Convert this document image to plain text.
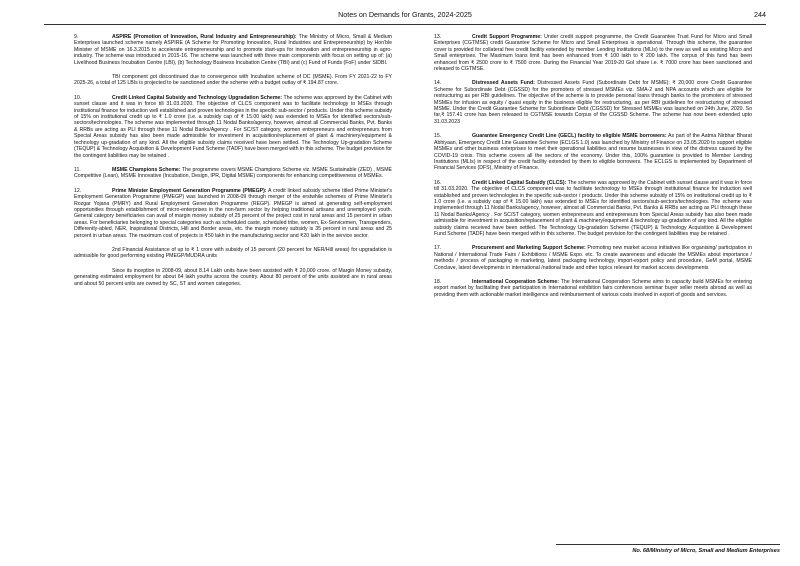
Notes on Demands for Grants, 2024-2025	244

9.	ASPIRE (Promotion of Innovation, Rural Industry and Entrepreneurship): The Ministry of Micro, Small & Medium Enterprises launched scheme namely ASPIRE (A Scheme for Promoting Innovation, Rural Industries and Entrepreneurship) by Hon'ble Minister of MSME on 16.3.2015 to accelerate entrepreneurship and to promote start-ups for innovation and entrepreneurship in agro-industry. The scheme was introduced in 2015-16. The scheme was launched with three main components with focus on setting up of: (a) Livelihood Business Incubation Centre (LBI), (b) Technology Business Incubation Centre (TBI) and (c) Fund of Funds (FoF) under SIDBI.

TBI component got discontinued due to convergence with Incubation scheme of DC (MSME). From FY 2021-22 to FY 2025-26, a total of 125 LBIs is projected to be sanctioned under the scheme with a budget outlay of ₹ 194.87 crore.

10.	Credit Linked Capital Subsidy and Technology Upgradation Scheme: The scheme was approved by the Cabinet with sunset clause and it was in force till 31.03.2020. The objective of CLCS component was to facilitate technology to MSEs through institutional finance for induction well established and proven technologies in the specific sub-sector / products. Under this scheme subsidy of 15% on institutional credit up to ₹ 1.0 crore (i.e. a subsidy cap of ₹ 15.00 lakh) was extended to MSEs for identified sectors/sub-sectors/technologies. The scheme was implemented through 11 Nodal Banks/agency, however, almost all Commercial Banks, Pvt. Banks & RRBs are acting as PLI through these 11 Nodal Banks/Agency . For SC/ST category, women entrepreneurs and entrepreneurs from Special Areas subsidy has also been made admissible for investment in acquisition/replacement of plant & machinery/equipment & technology up-gradation of any kind. All the eligible subsidy claims received have been settled. The Technology Up-gradation Scheme (TEQUP) & Technology Acquisition & Development Fund Scheme (TADF) have been merged with in this scheme. The budget provision for the contingent liabilities may be retained .

11.	MSME Champions Scheme: The programme covers MSME Champions Scheme viz. MSME Sustainable (ZED) , MSME Competitive (Lean), MSME Innovative (Incubation, Design, IPR, Digital MSME) components for enhancing competitiveness of MSMEs.

12.	Prime Minister Employment Generation Programme (PMEGP): A credit linked subsidy scheme titled Prime Minister's Employment Generation Programme (PMEGP) was launched in 2008-09 through merger of the erstwhile schemes of Prime Minister's Rozgar Yojana (PMRY) and Rural Employment Generation Programme (REGP). PMEGP is aimed at generating self-employment opportunities through establishment of micro-enterprises in the non-farm sector by helping traditional artisans and unemployed youth. General category beneficiaries can avail of margin money subsidy of 25 percent of the project cost in rural areas and 15 percent in urban areas. For beneficiaries belonging to special categories such as scheduled caste, scheduled tribe, women, Ex-Servicemen, Transgenders, Differently-abled, NER, Inspirational Districts, Hill and Border areas, etc. the margin money subsidy is 35 percent in rural areas and 25 percent in urban areas. The maximum cost of projects is ₹50 lakh in the manufacturing sector and ₹20 lakh in the service sector.

2nd Financial Assistance of up to ₹ 1 crore with subsidy of 15 percent (20 percent for NER/Hill areas) for upgradation is admissible for good performing existing PMEGP/MUDRA units

Since its inception in 2008-09, about 8.14 Lakh units have been assisted with ₹ 20,000 crore. of Margin Money subsidy, generating estimated employment for about 64 lakh youths across the country. About 80 percent of the units assisted are in rural areas and about 50 percent units are owned by SC, ST and women categories.

13.	Credit Support Programme: Under credit support programme, the Credit Guarantee Trust Fund for Micro and Small Enterprises (CGTMSE) credit Guarantee Scheme for Micro and Small Enterprises is operational. Through this scheme, the guarantee cover is provided for collateral free credit facility extended by member Lending Institutions (MLIs) to the new as well as existing Micro and Small enterprises. The Maximum loans limit has been enhanced from ₹ 100 lakh to ₹ 200 lakh. The corpus of this fund has been enhanced from ₹ 2500 crore to ₹ 7500 crore. During the Financial Year 2019-20 GoI share i.e. ₹ 7000 crore has been sanctioned and released to CGTMSE.

14.	Distressed Assets Fund: Distressed Assets Fund (Subordinate Debt for MSME): ₹ 20,000 crore Credit Guarantee Scheme for Subordinate Debt (CGSSD) for the promoters of stressed MSMEs viz. SMA-2 and NPA accounts which are eligible for restructuring as per RBI guidelines. The objective of the scheme is to provide personal loans through banks to the promoters of stressed MSMEs for infusion as equity / quasi equity in the business eligible for restructuring, as per RBI guidelines for restructuring of stressed MSME. Under the Credit Guarantee Scheme for Subordinate Debt (CGSSD) for Stressed MSMEs was launched on 24th June, 2020. So far,₹ 157.41 crore has been released to CGTMSE towards Corpus of the CGSSD Scheme. The scheme has now been extended upto 31.03.2023

15.	Guarantee Emergency Credit Line (GECL) facility to eligible MSME borrowers: As part of the Aatma Nirbhar Bharat Abhiyaan, Emergency Credit Line Guarantee Scheme (ECLGS 1.0) was launched by Ministry of Finance on 23.05.2020 to support eligible MSMEs and other business enterprises to meet their operational liabilities and resume businesses in view of the distress caused by the COVID-19 crisis. This scheme covers all the sectors of the economy. Under this, 100% guarantee is provided to Member Lending Institutions (MLIs) in respect of the credit facility extended by them to eligible borrowers. The ECLGS is implemented by Department of Financial Services (DFS), Ministry of Finance.

16.	Credit Linked Capital Subsidy (CLCS): The scheme was approved by the Cabinet with sunset clause and it was in force till 31.03.2020. The objective of CLCS component was to facilitate technology to MSEs through institutional finance for induction well established and proven technologies in the specific sub-sector / products. Under this scheme subsidy of 15% on institutional credit up to ₹ 1.0 crore (i.e. a subsidy cap of ₹ 15.00 lakh) was extended to MSEs for identified sectors/sub-sectors/technologies. The scheme was implemented through 11 Nodal Banks/agency, however, almost all Commercial Banks, Pvt. Banks & RRBs are acting as PLI through these 11 Nodal Banks/Agency . For SC/ST category, women entrepreneurs and entrepreneurs from Special Areas subsidy has also been made admissible for investment in acquisition/replacement of plant & machinery/equipment & technology up-gradation of any kind. All the eligible subsidy claims received have been settled. The Technology Up-gradation Scheme (TEQUP) & Technology Acquisition & Development Fund Scheme (TADF) have been merged with in this scheme. The budget provision for the contingent liabilities may be retained .

17.	Procurement and Marketing Support Scheme: Promoting new market access initiatives like organising/ participation in National / International Trade Fairs / Exhibitions / MSME Expo. etc. To create awareness and educate the MSMEs about importance / methods / process of packaging in marketing, latest packaging technology, import-export policy and procedure, GeM portal, MSME Conclave, latest developments in international /national trade and other topics relevant for market access developments

18.	International Cooperation Scheme: The International Cooperation Scheme aims to capacity build MSMEs for entering export market by facilitating their participation in International exhibition fairs conferences seminar buyer seller meets abroad as well as providing them with actionable market intelligence and reimbursement of various costs involved in export of goods and services.

No. 68/Ministry of Micro, Small and Medium Enterprises
